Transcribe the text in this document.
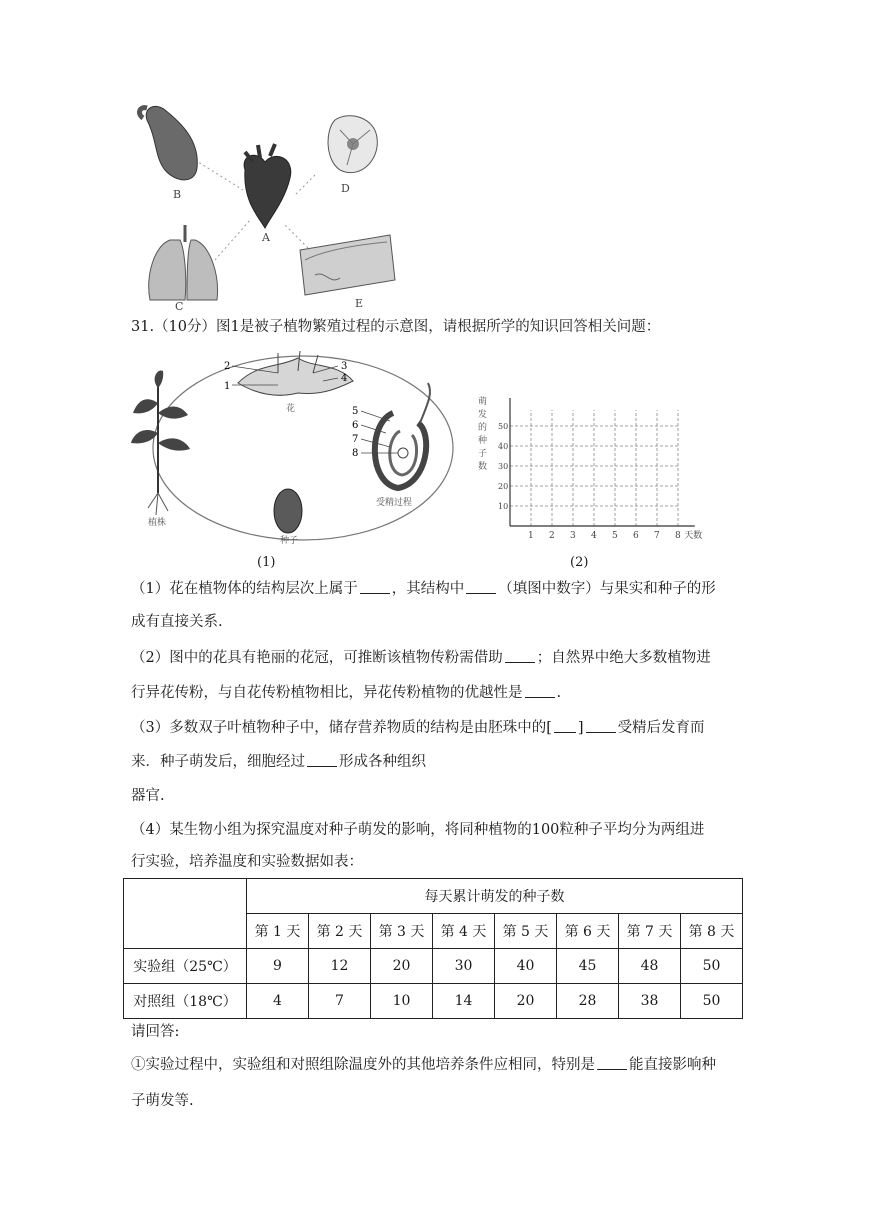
B
A
D
C	E
31.（10分）图1是被子植物繁殖过程的示意图，请根据所学的知识回答相关问题：
2
1
3
4
花	5
6
7
8
受精过程
植株
种子
(1)
1 2 3 4 5 6 7 8
10
20
30
40
50
天数
萌
发
的
种
子
数
(2)
（1）花在植物体的结构层次上属于 ，其结构中 （填图中数字）与果实和种子的形
成有直接关系.
（2）图中的花具有艳丽的花冠，可推断该植物传粉需借助 ；自然界中绝大多数植物进
行异花传粉，与自花传粉植物相比，异花传粉植物的优越性是 .
（3）多数双子叶植物种子中，储存营养物质的结构是由胚珠中的[ ] 受精后发育而
来．种子萌发后，细胞经过 形成各种组织
器官.
（4）某生物小组为探究温度对种子萌发的影响，将同种植物的100粒种子平均分为两组进
行实验，培养温度和实验数据如表：
	每天累计萌发的种子数							
	第 1 天	第 2 天	第 3 天	第 4 天	第 5 天	第 6 天	第 7 天	第 8 天
实验组（25℃）	9	12	20	30	40	45	48	50
对照组（18℃）	4	7	10	14	20	28	38	50
请回答:
①实验过程中，实验组和对照组除温度外的其他培养条件应相同，特别是 能直接影响种
子萌发等.
